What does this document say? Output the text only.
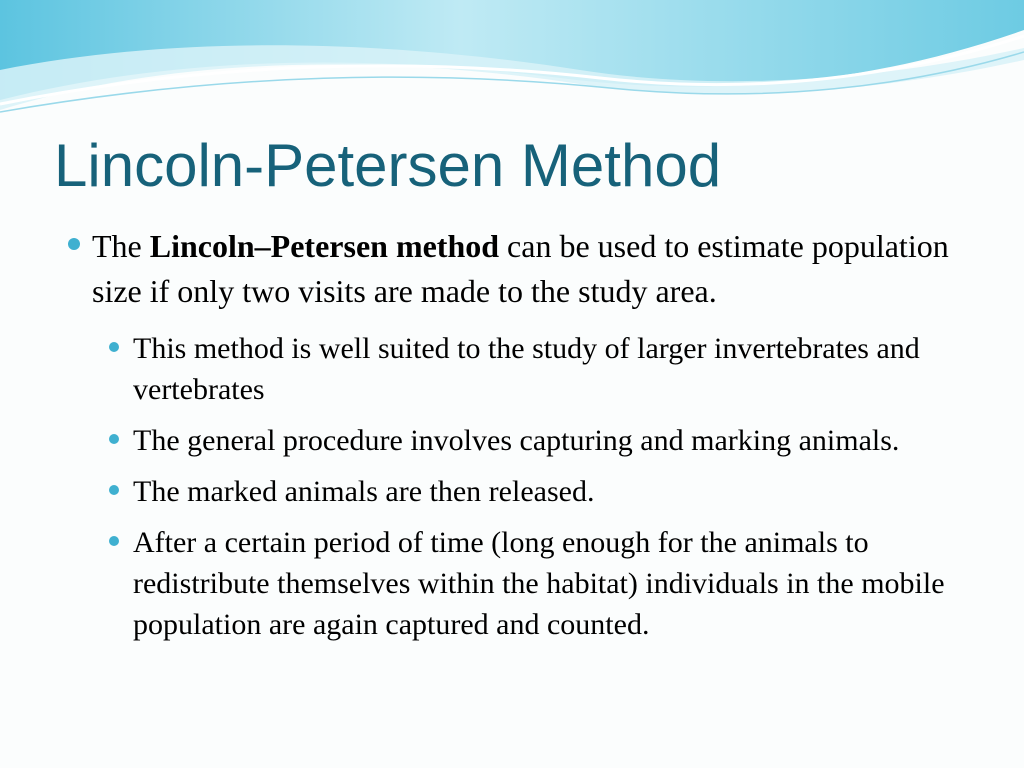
Lincoln-Petersen Method
The Lincoln–Petersen method can be used to estimate population size if only two visits are made to the study area.
This method is well suited to the study of larger invertebrates and vertebrates
The general procedure involves capturing and marking animals.
The marked animals are then released.
After a certain period of time (long enough for the animals to redistribute themselves within the habitat) individuals in the mobile population are again captured and counted.
